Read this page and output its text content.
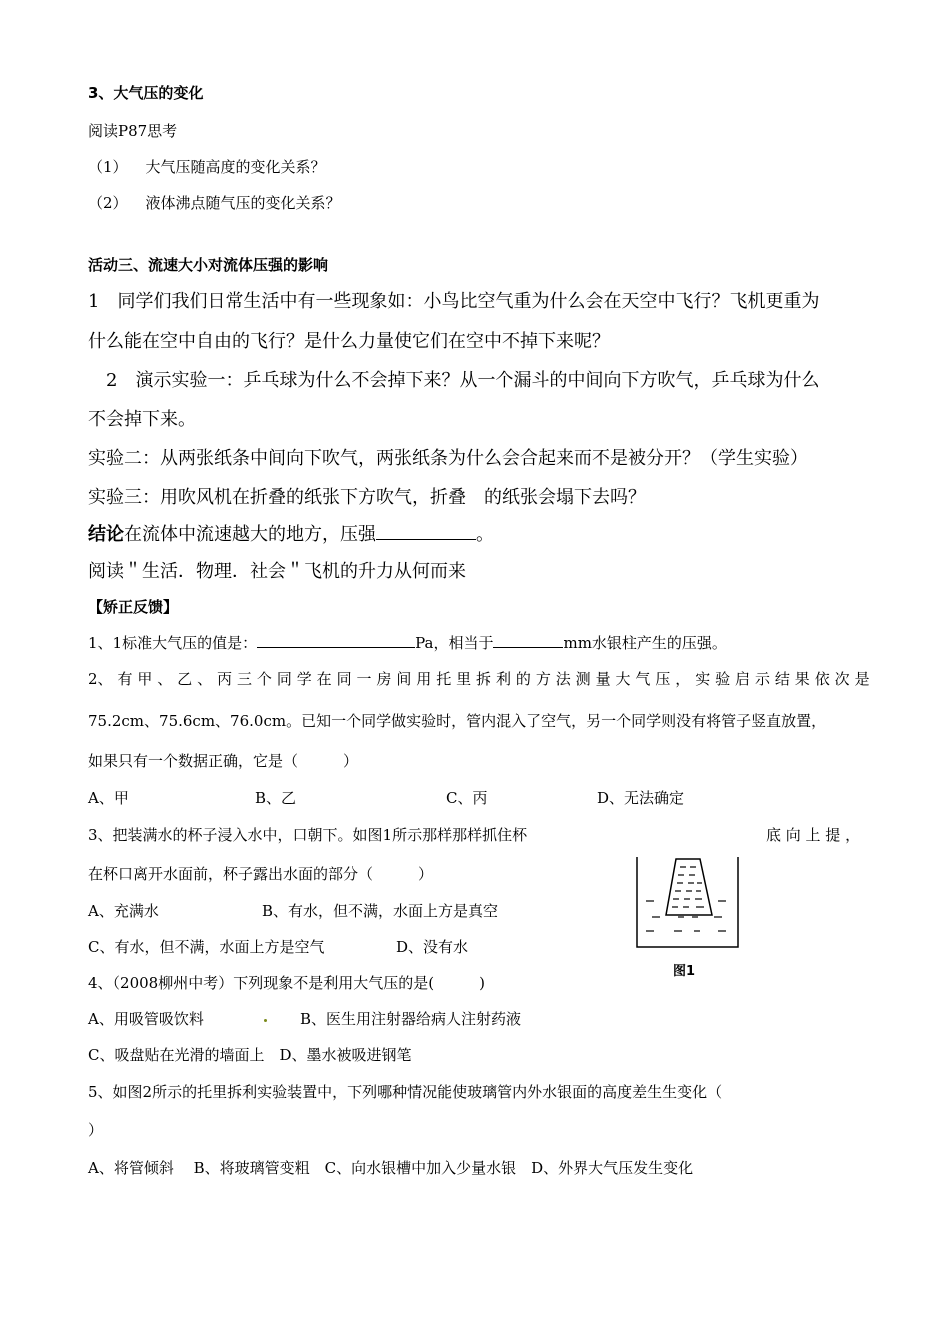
3、大气压的变化
阅读P87思考
（1） 大气压随高度的变化关系？
（2） 液体沸点随气压的变化关系？
活动三、流速大小对流体压强的影响
1　同学们我们日常生活中有一些现象如：小鸟比空气重为什么会在天空中飞行？飞机更重为
什么能在空中自由的飞行？是什么力量使它们在空中不掉下来呢？
　2　演示实验一：乒乓球为什么不会掉下来？从一个漏斗的中间向下方吹气，乒乓球为什么
不会掉下来。
实验二：从两张纸条中间向下吹气，两张纸条为什么会合起来而不是被分开？（学生实验）
实验三：用吹风机在折叠的纸张下方吹气，折叠　的纸张会塌下去吗？
结论在流体中流速越大的地方，压强	。
阅读＂生活．物理．社会＂飞机的升力从何而来
【矫正反馈】
1、1标准大气压的值是：	Pa，相当于	mm水银柱产生的压强。
2、 有 甲 、 乙 、 丙 三 个 同 学 在 同 一 房 间 用 托 里 拆 利 的 方 法 测 量 大 气 压 ， 实 验 启 示 结 果 依 次 是
75.2cm、75.6cm、76.0cm。已知一个同学做实验时，管内混入了空气，另一个同学则没有将管子竖直放置，
如果只有一个数据正确，它是（　　　）
A、甲	B、乙	C、丙	D、无法确定
3、把装满水的杯子浸入水中，口朝下。如图1所示那样那样抓住杯	底 向 上 提 ，
在杯口离开水面前，杯子露出水面的部分（　　　）
A、充满水	B、有水，但不满，水面上方是真空
C、有水，但不满，水面上方是空气	D、没有水
图1
4、（2008柳州中考）下列现象不是利用大气压的是(　　　)
A、用吸管吸饮料	B、医生用注射器给病人注射药液
C、吸盘贴在光滑的墙面上　D、墨水被吸进钢笔
5、如图2所示的托里拆利实验装置中，下列哪种情况能使玻璃管内外水银面的高度差生生变化（
）
A、将管倾斜　 B、将玻璃管变粗　C、向水银槽中加入少量水银　D、外界大气压发生变化
